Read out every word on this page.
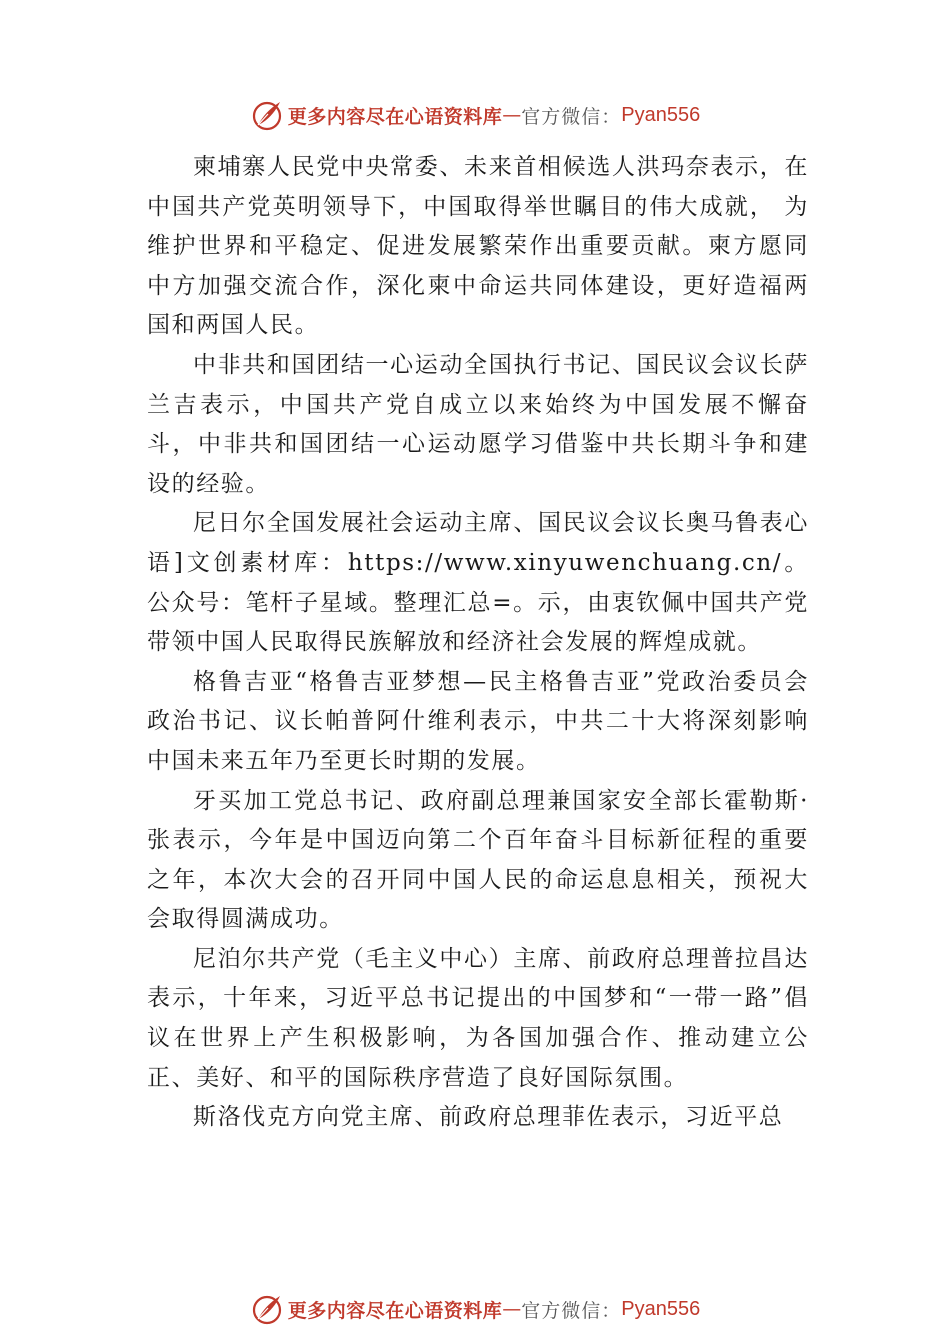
更多内容尽在心语资料库 — 官方微信： Pyan556

柬埔寨人民党中央常委、未来首相候选人洪玛奈表示，在中国共产党英明领导下，中国取得举世瞩目的伟大成就， 为维护世界和平稳定、促进发展繁荣作出重要贡献。柬方愿同中方加强交流合作，深化柬中命运共同体建设，更好造福两国和两国人民。

中非共和国团结一心运动全国执行书记、国民议会议长萨兰吉表示，中国共产党自成立以来始终为中国发展不懈奋斗，中非共和国团结一心运动愿学习借鉴中共长期斗争和建设的经验。

尼日尔全国发展社会运动主席、国民议会议长奥马鲁表心语]文创素材库：https://www.xinyuwenchuang.cn/。公众号：笔杆子星域。整理汇总=。示，由衷钦佩中国共产党带领中国人民取得民族解放和经济社会发展的辉煌成就。

格鲁吉亚“格鲁吉亚梦想—民主格鲁吉亚”党政治委员会政治书记、议长帕普阿什维利表示，中共二十大将深刻影响中国未来五年乃至更长时期的发展。

牙买加工党总书记、政府副总理兼国家安全部长霍勒斯·张表示，今年是中国迈向第二个百年奋斗目标新征程的重要之年，本次大会的召开同中国人民的命运息息相关，预祝大会取得圆满成功。

尼泊尔共产党（毛主义中心）主席、前政府总理普拉昌达表示，十年来，习近平总书记提出的中国梦和“一带一路”倡议在世界上产生积极影响，为各国加强合作、推动建立公正、美好、和平的国际秩序营造了良好国际氛围。

斯洛伐克方向党主席、前政府总理菲佐表示，习近平总

更多内容尽在心语资料库 — 官方微信： Pyan556
